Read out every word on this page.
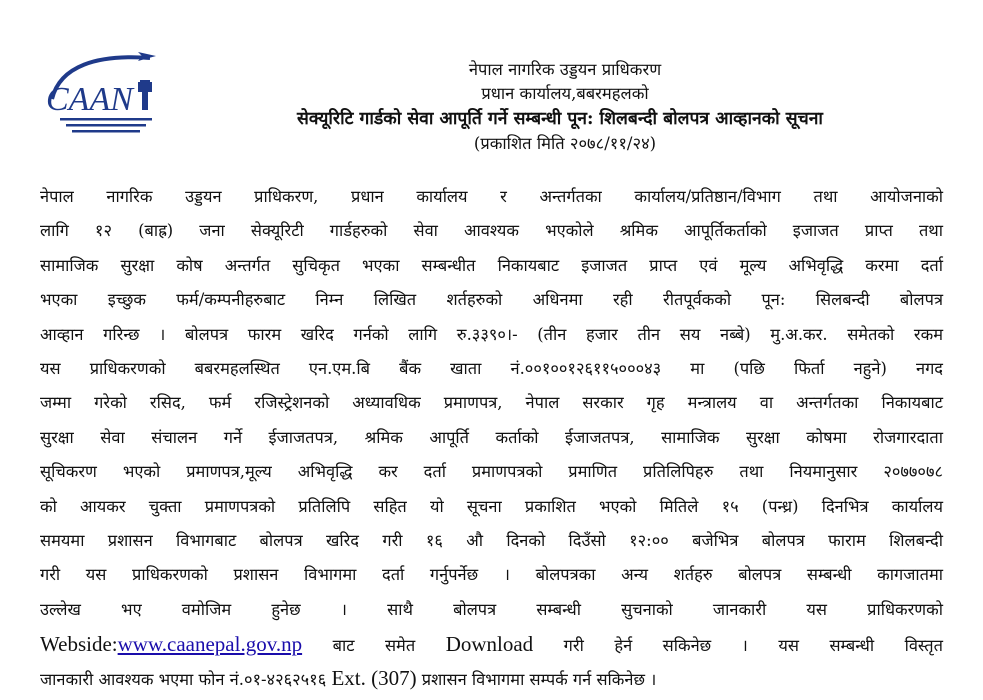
CAAN
नेपाल नागरिक उड्डयन प्राधिकरण
प्रधान कार्यालय,बबरमहलको
सेक्यूरिटि गार्डको सेवा आपूर्ति गर्ने सम्बन्धी पून: शिलबन्दी बोलपत्र आव्हानको सूचना
(प्रकाशित मिति २०७८/११/२४)
नेपाल नागरिक उड्डयन प्राधिकरण, प्रधान कार्यालय र अन्तर्गतका कार्यालय/प्रतिष्ठान/विभाग तथा आयोजनाको
लागि १२ (बाह्र) जना सेक्यूरिटी गार्डहरुको सेवा आवश्यक भएकोले श्रमिक आपूर्तिकर्ताको इजाजत प्राप्त तथा
सामाजिक सुरक्षा कोष अन्तर्गत सुचिकृत भएका सम्बन्धीत निकायबाट इजाजत प्राप्त एवं मूल्य अभिवृद्धि करमा दर्ता
भएका इच्छुक फर्म/कम्पनीहरुबाट निम्न लिखित शर्तहरुको अधिनमा रही रीतपूर्वकको पून: सिलबन्दी बोलपत्र
आव्हान गरिन्छ । बोलपत्र फारम खरिद गर्नको लागि रु.३३९०।- (तीन हजार तीन सय नब्बे) मु.अ.कर. समेतको रकम
यस प्राधिकरणको बबरमहलस्थित एन.एम.बि बैंक खाता नं.००१००१२६११५०००४३ मा (पछि फिर्ता नहुने) नगद
जम्मा गरेको रसिद, फर्म रजिस्ट्रेशनको अध्यावधिक प्रमाणपत्र, नेपाल सरकार गृह मन्त्रालय वा अन्तर्गतका निकायबाट
सुरक्षा सेवा संचालन गर्ने ईजाजतपत्र, श्रमिक आपूर्ति कर्ताको ईजाजतपत्र, सामाजिक सुरक्षा कोषमा रोजगारदाता
सूचिकरण भएको प्रमाणपत्र,मूल्य अभिवृद्धि कर दर्ता प्रमाणपत्रको प्रमाणित प्रतिलिपिहरु तथा नियमानुसार २०७७०७८
को आयकर चुक्ता प्रमाणपत्रको प्रतिलिपि सहित यो सूचना प्रकाशित भएको मितिले १५ (पन्ध्र) दिनभित्र कार्यालय
समयमा प्रशासन विभागबाट बोलपत्र खरिद गरी १६ औ दिनको दिउँसो १२:०० बजेभित्र बोलपत्र फाराम शिलबन्दी
गरी यस प्राधिकरणको प्रशासन विभागमा दर्ता गर्नुपर्नेछ । बोलपत्रका अन्य शर्तहरु बोलपत्र सम्बन्धी कागजातमा
उल्लेख भए वमोजिम हुनेछ । साथै बोलपत्र सम्बन्धी सुचनाको जानकारी यस प्राधिकरणको
Webside:www.caanepal.gov.np बाट समेत Download गरी हेर्न सकिनेछ । यस सम्बन्धी विस्तृत
जानकारी आवश्यक भएमा फोन नं.०१-४२६२५१६ Ext. (307) प्रशासन विभागमा सम्पर्क गर्न सकिनेछ ।
